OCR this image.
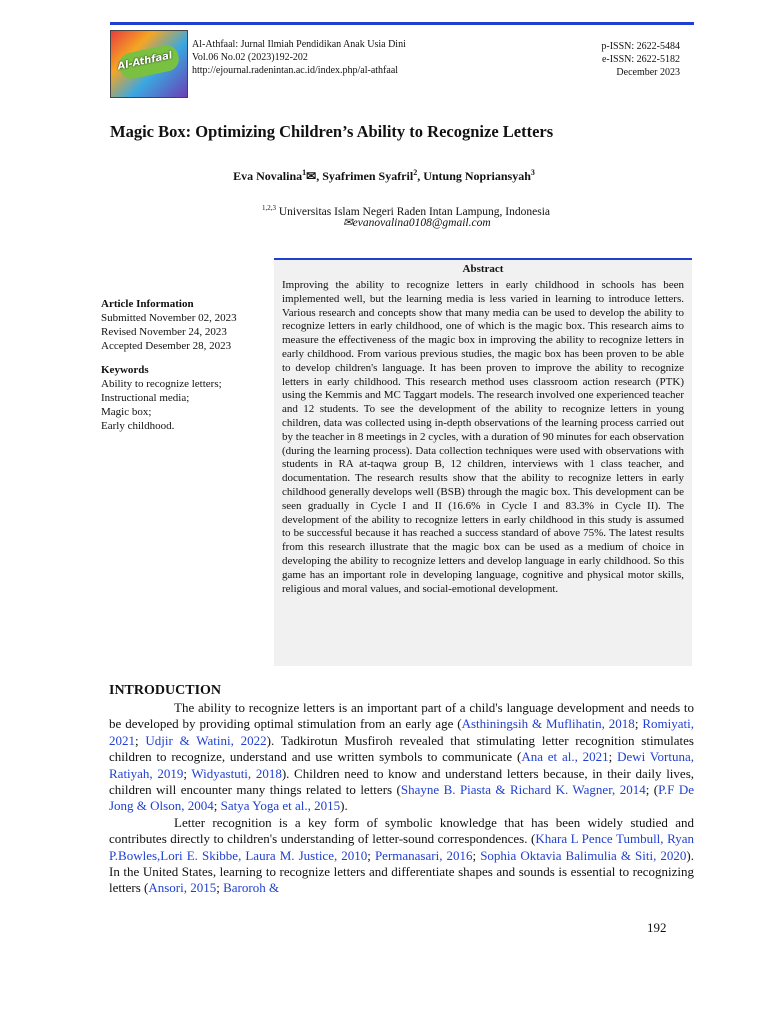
Al-Athfaal
Al-Athfaal: Jurnal Ilmiah Pendidikan Anak Usia Dini
Vol.06 No.02 (2023)192-202
http://ejournal.radenintan.ac.id/index.php/al-athfaal
p-ISSN: 2622-5484
e-ISSN: 2622-5182
December 2023
Magic Box: Optimizing Children’s Ability to Recognize Letters
Eva Novalina$^1$✉, Syafrimen Syafril$^2$, Untung Nopriansyah$^3$
$^{1,2,3}$ Universitas Islam Negeri Raden Intan Lampung, Indonesia
✉evanovalina0108@gmail.com
Article Information
Submitted November 02, 2023
Revised November 24, 2023
Accepted Desember 28, 2023
Keywords
Ability to recognize letters;
Instructional media;
Magic box;
Early childhood.
Abstract
Improving the ability to recognize letters in early childhood in schools has been implemented well, but the learning media is less varied in learning to introduce letters. Various research and concepts show that many media can be used to develop the ability to recognize letters in early childhood, one of which is the magic box. This research aims to measure the effectiveness of the magic box in improving the ability to recognize letters in early childhood. From various previous studies, the magic box has been proven to be able to develop children's language. It has been proven to improve the ability to recognize letters in early childhood. This research method uses classroom action research (PTK) using the Kemmis and MC Taggart models. The research involved one experienced teacher and 12 students. To see the development of the ability to recognize letters in young children, data was collected using in-depth observations of the learning process carried out by the teacher in 8 meetings in 2 cycles, with a duration of 90 minutes for each observation (during the learning process). Data collection techniques were used with observations with students in RA at-taqwa group B, 12 children, interviews with 1 class teacher, and documentation. The research results show that the ability to recognize letters in early childhood generally develops well (BSB) through the magic box. This development can be seen gradually in Cycle I and II (16.6% in Cycle I and 83.3% in Cycle II). The development of the ability to recognize letters in early childhood in this study is assumed to be successful because it has reached a success standard of above 75%. The latest results from this research illustrate that the magic box can be used as a medium of choice in developing the ability to recognize letters and develop language in early childhood. So this game has an important role in developing language, cognitive and physical motor skills, religious and moral values, and social-emotional development.
INTRODUCTION

The ability to recognize letters is an important part of a child's language development and needs to be developed by providing optimal stimulation from an early age (Asthiningsih & Muflihatin, 2018; Romiyati, 2021; Udjir & Watini, 2022). Tadkirotun Musfiroh revealed that stimulating letter recognition stimulates children to recognize, understand and use written symbols to communicate (Ana et al., 2021; Dewi Vortuna, Ratiyah, 2019; Widyastuti, 2018). Children need to know and understand letters because, in their daily lives, children will encounter many things related to letters (Shayne B. Piasta & Richard K. Wagner, 2014; (P.F De Jong & Olson, 2004; Satya Yoga et al., 2015).

Letter recognition is a key form of symbolic knowledge that has been widely studied and contributes directly to children's understanding of letter-sound correspondences. (Khara L Pence Tumbull, Ryan P.Bowles,Lori E. Skibbe, Laura M. Justice, 2010; Permanasari, 2016; Sophia Oktavia Balimulia & Siti, 2020). In the United States, learning to recognize letters and differentiate shapes and sounds is essential to recognizing letters (Ansori, 2015; Baroroh &

192
